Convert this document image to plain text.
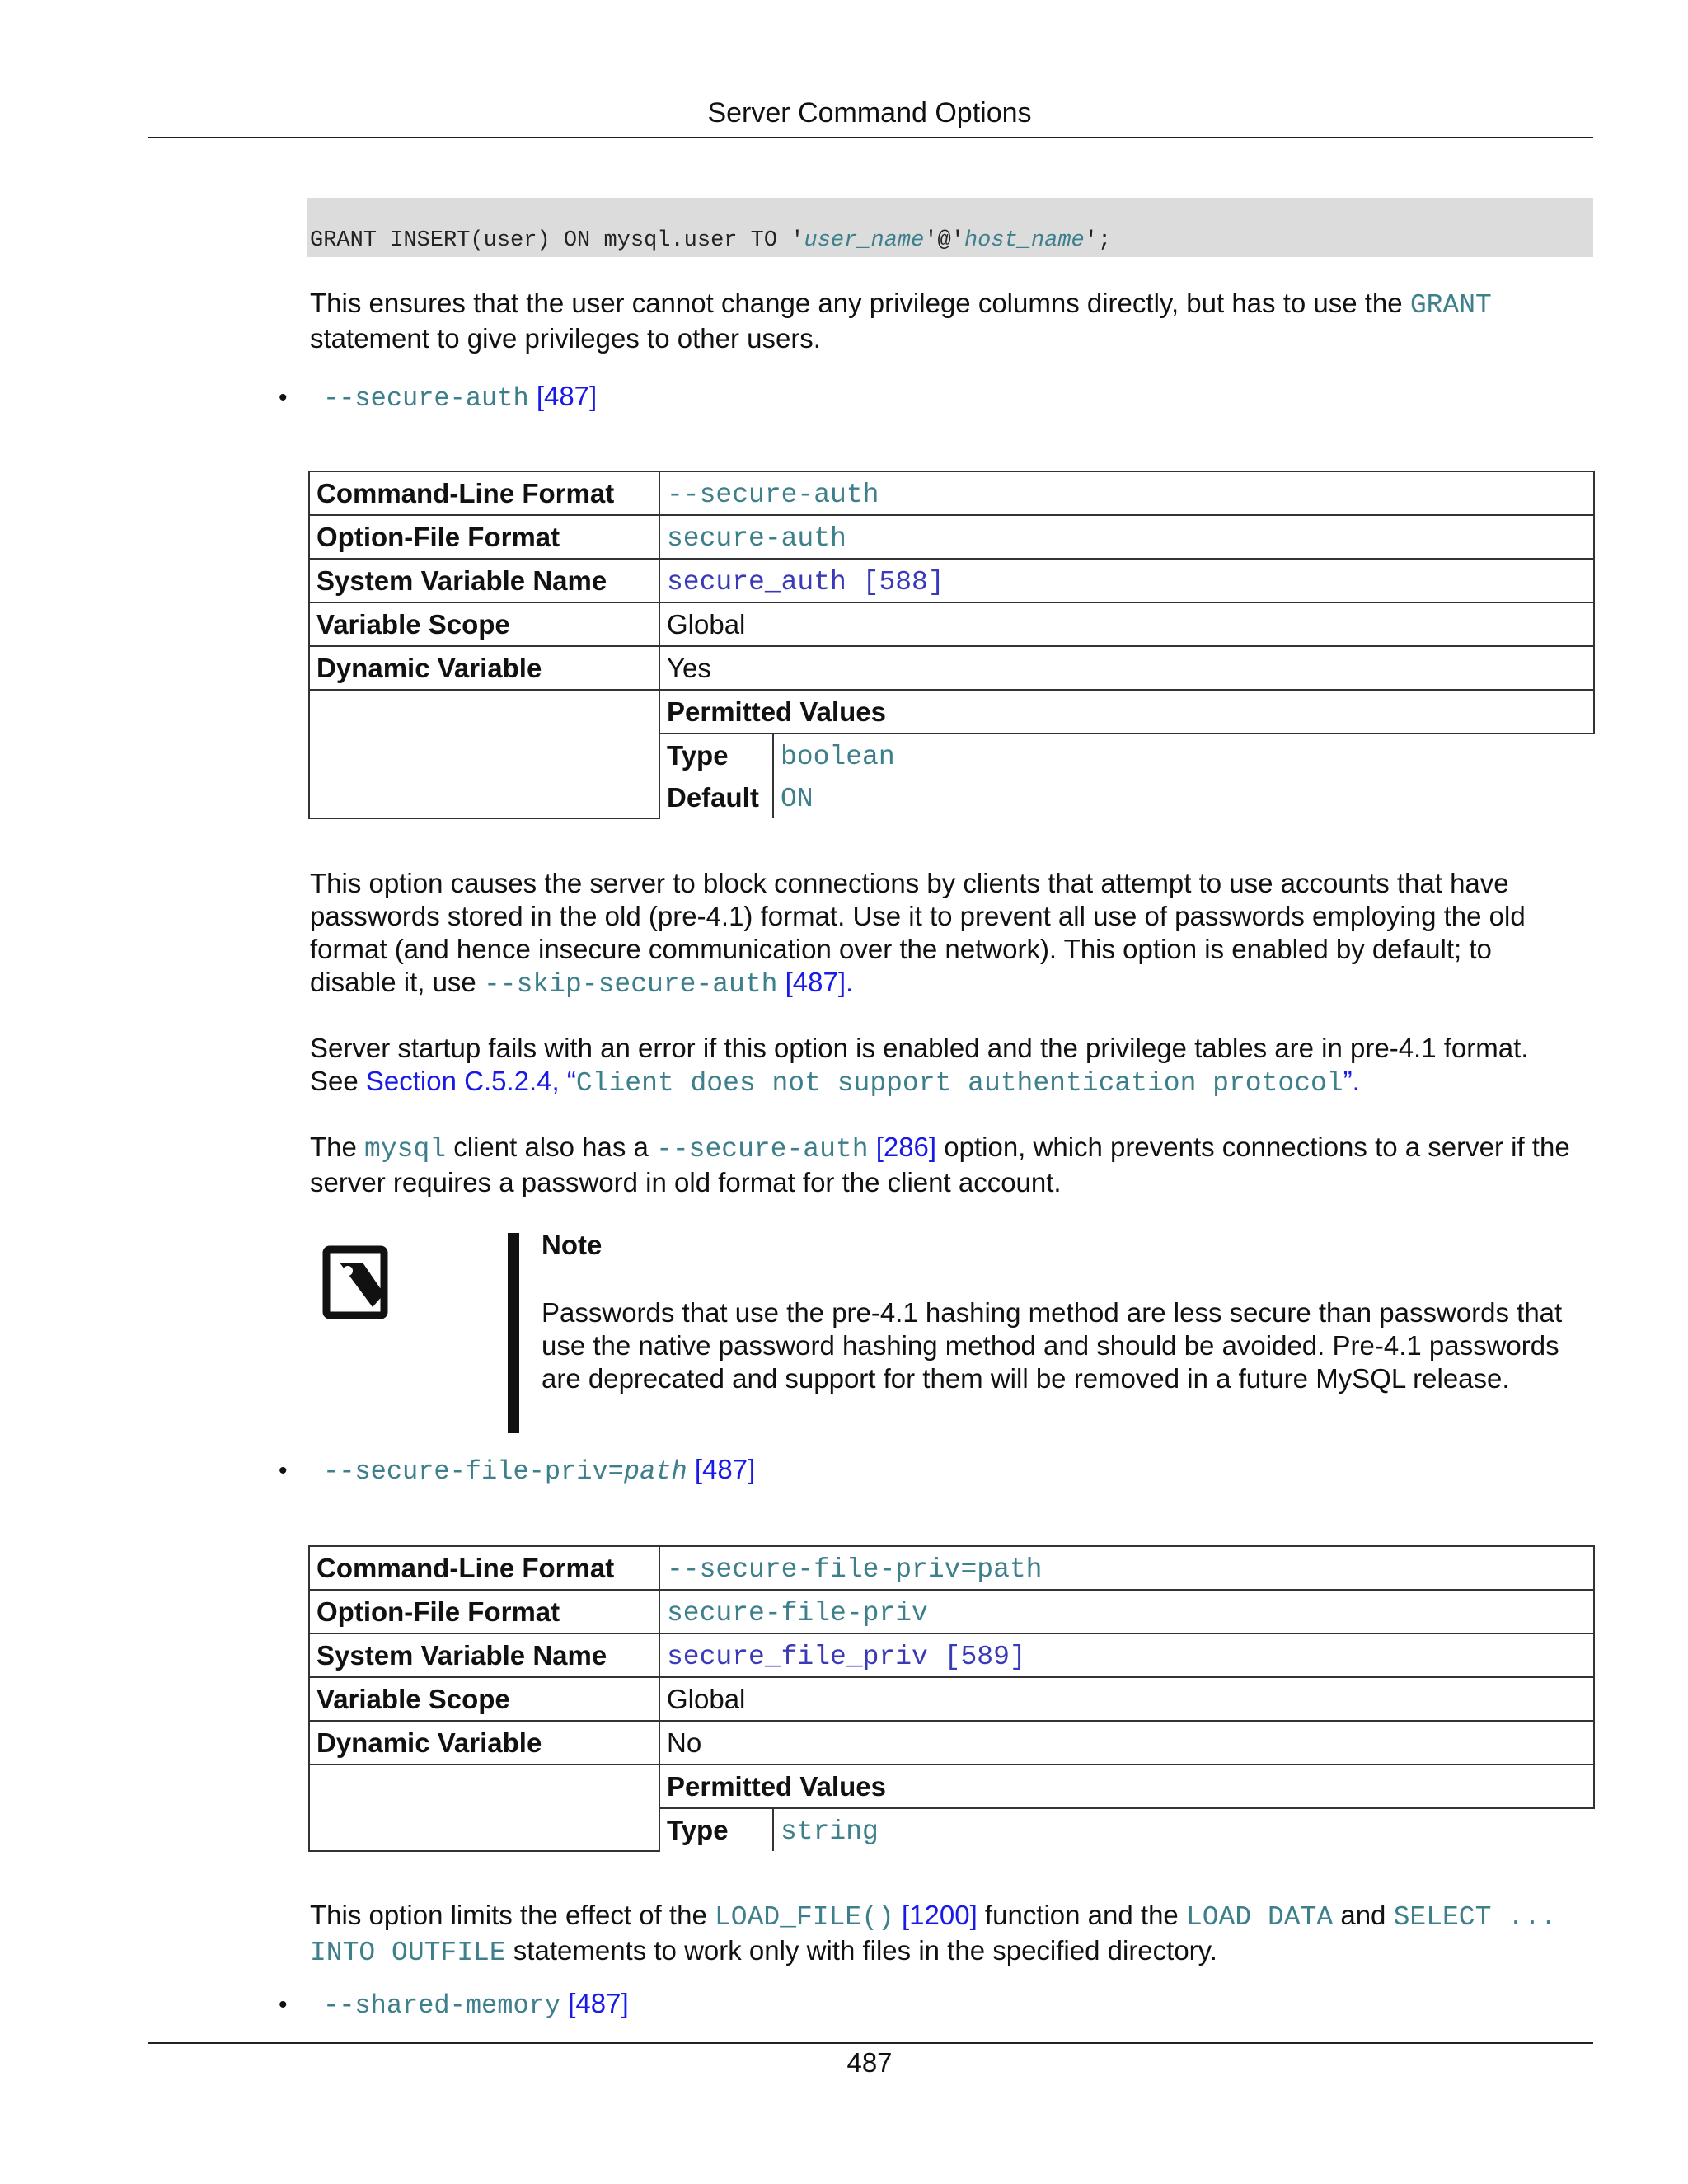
Server Command Options
GRANT INSERT(user) ON mysql.user TO 'user_name'@'host_name';
This ensures that the user cannot change any privilege columns directly, but has to use the GRANT
statement to give privileges to other users.
• --secure-auth [487]
Command-Line Format	--secure-auth
Option-File Format	secure-auth
System Variable Name	secure_auth [588]
Variable Scope	Global
Dynamic Variable	Yes
	Permitted Values

Type	boolean

Default	ON
This option causes the server to block connections by clients that attempt to use accounts that have
passwords stored in the old (pre-4.1) format. Use it to prevent all use of passwords employing the old
format (and hence insecure communication over the network). This option is enabled by default; to
disable it, use --skip-secure-auth [487].
Server startup fails with an error if this option is enabled and the privilege tables are in pre-4.1 format.
See Section C.5.2.4, “Client does not support authentication protocol”.
The mysql client also has a --secure-auth [286] option, which prevents connections to a server if the
server requires a password in old format for the client account.
Note
Passwords that use the pre-4.1 hashing method are less secure than passwords that use the native password hashing method and should be avoided. Pre-4.1 passwords are deprecated and support for them will be removed in a future MySQL release.
• --secure-file-priv=path [487]
Command-Line Format	--secure-file-priv=path
Option-File Format	secure-file-priv
System Variable Name	secure_file_priv [589]
Variable Scope	Global
Dynamic Variable	No
	Permitted Values

Type	string
This option limits the effect of the LOAD_FILE() [1200] function and the LOAD DATA and SELECT ...
INTO OUTFILE statements to work only with files in the specified directory.
• --shared-memory [487]
487
